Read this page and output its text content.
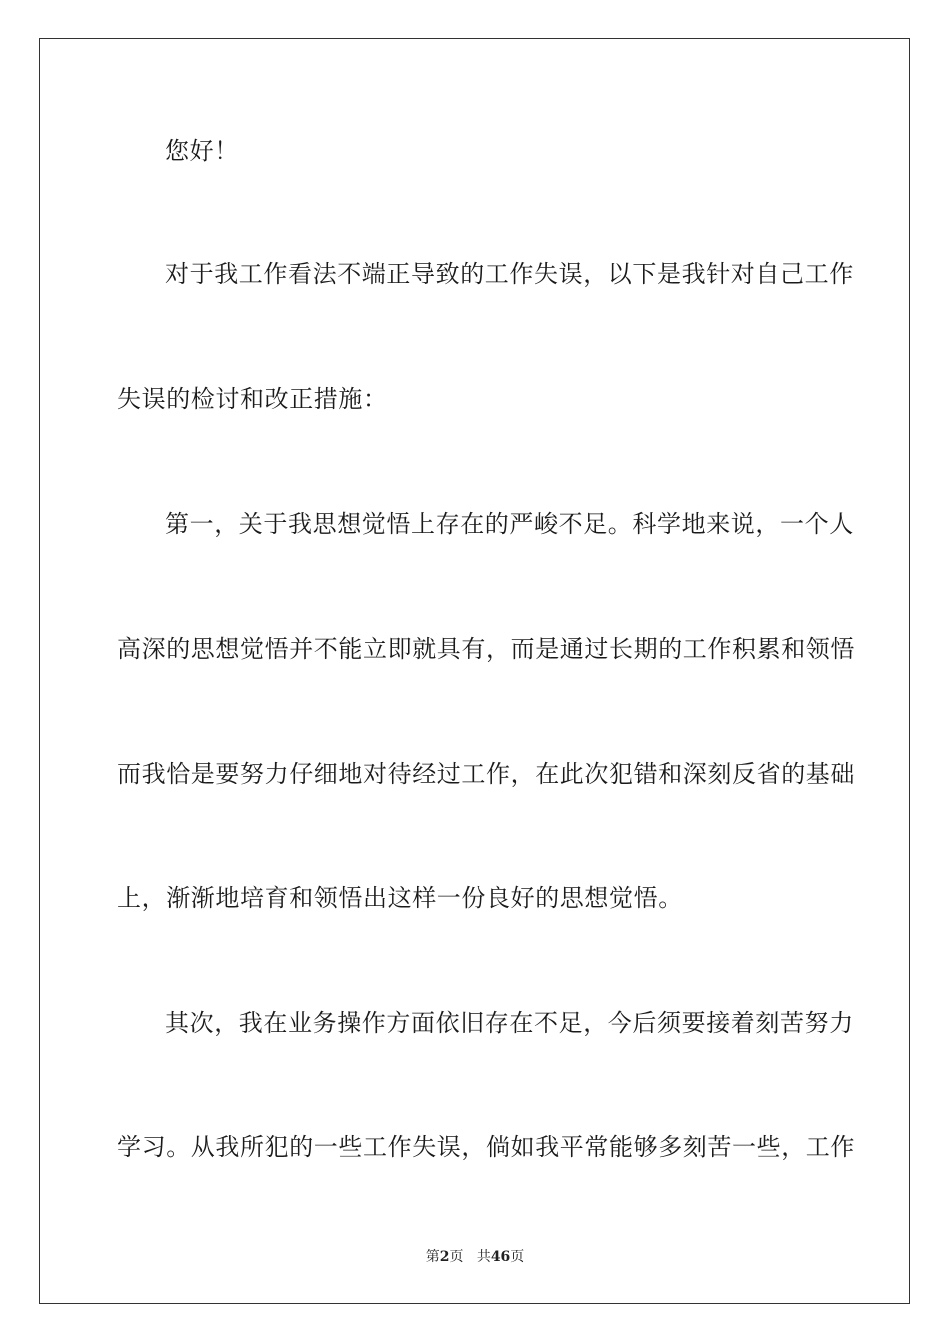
您好！
对于我工作看法不端正导致的工作失误，以下是我针对自己工作
失误的检讨和改正措施：
第一，关于我思想觉悟上存在的严峻不足。科学地来说，一个人
高深的思想觉悟并不能立即就具有，而是通过长期的工作积累和领悟
而我恰是要努力仔细地对待经过工作，在此次犯错和深刻反省的基础
上，渐渐地培育和领悟出这样一份良好的思想觉悟。
其次，我在业务操作方面依旧存在不足，今后须要接着刻苦努力
学习。从我所犯的一些工作失误，倘如我平常能够多刻苦一些，工作
第2页 共46页
